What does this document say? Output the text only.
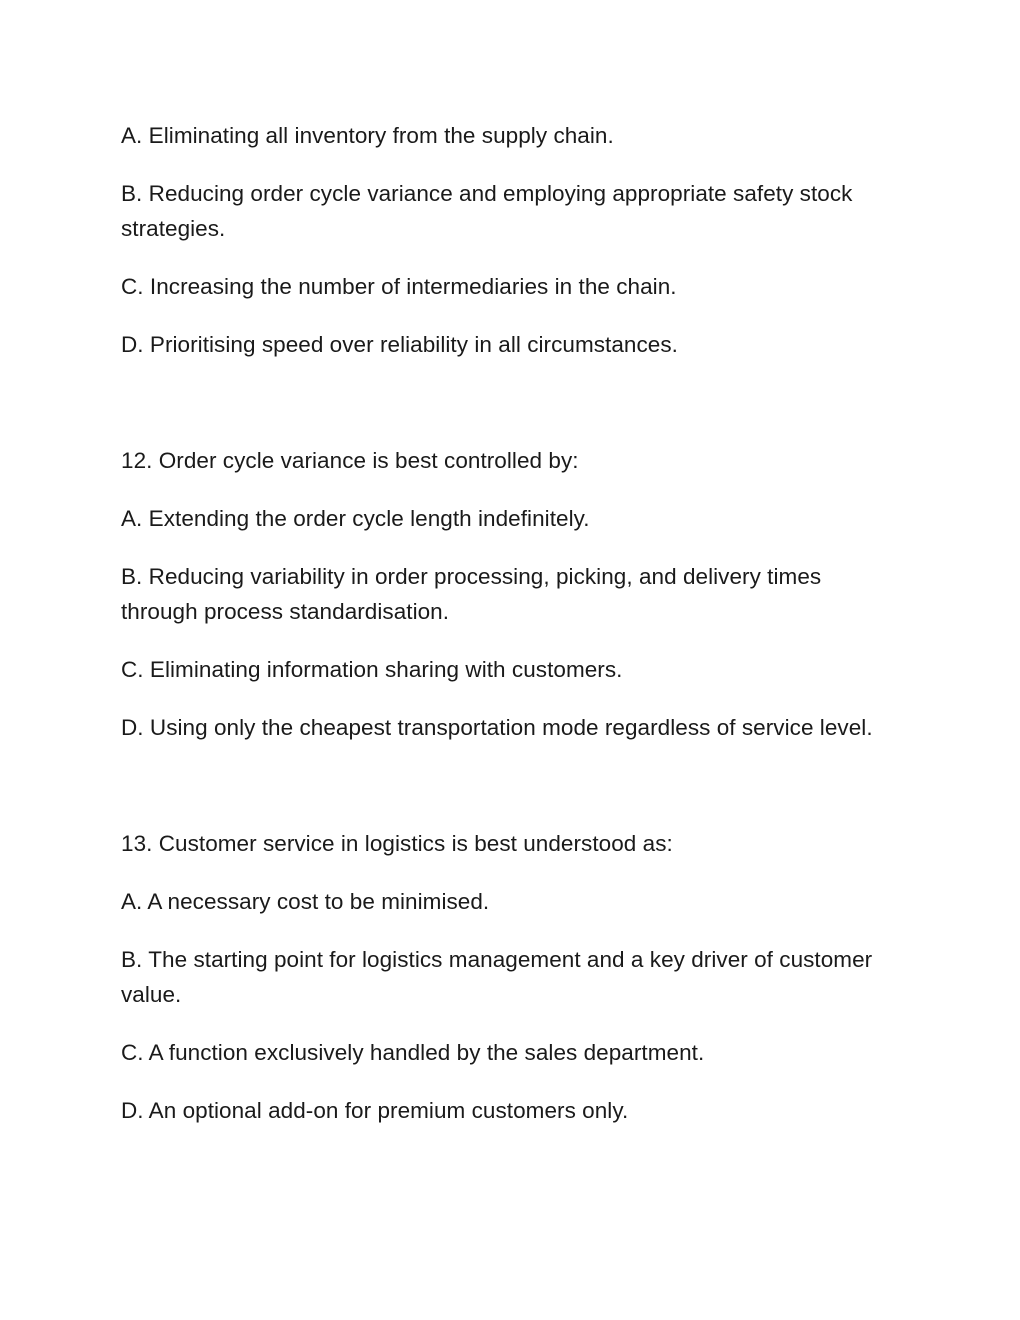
A. Eliminating all inventory from the supply chain.

B. Reducing order cycle variance and employing appropriate safety stock strategies.

C. Increasing the number of intermediaries in the chain.

D. Prioritising speed over reliability in all circumstances.

12. Order cycle variance is best controlled by:

A. Extending the order cycle length indefinitely.

B. Reducing variability in order processing, picking, and delivery times through process standardisation.

C. Eliminating information sharing with customers.

D. Using only the cheapest transportation mode regardless of service level.

13. Customer service in logistics is best understood as:

A. A necessary cost to be minimised.

B. The starting point for logistics management and a key driver of customer value.

C. A function exclusively handled by the sales department.

D. An optional add-on for premium customers only.
